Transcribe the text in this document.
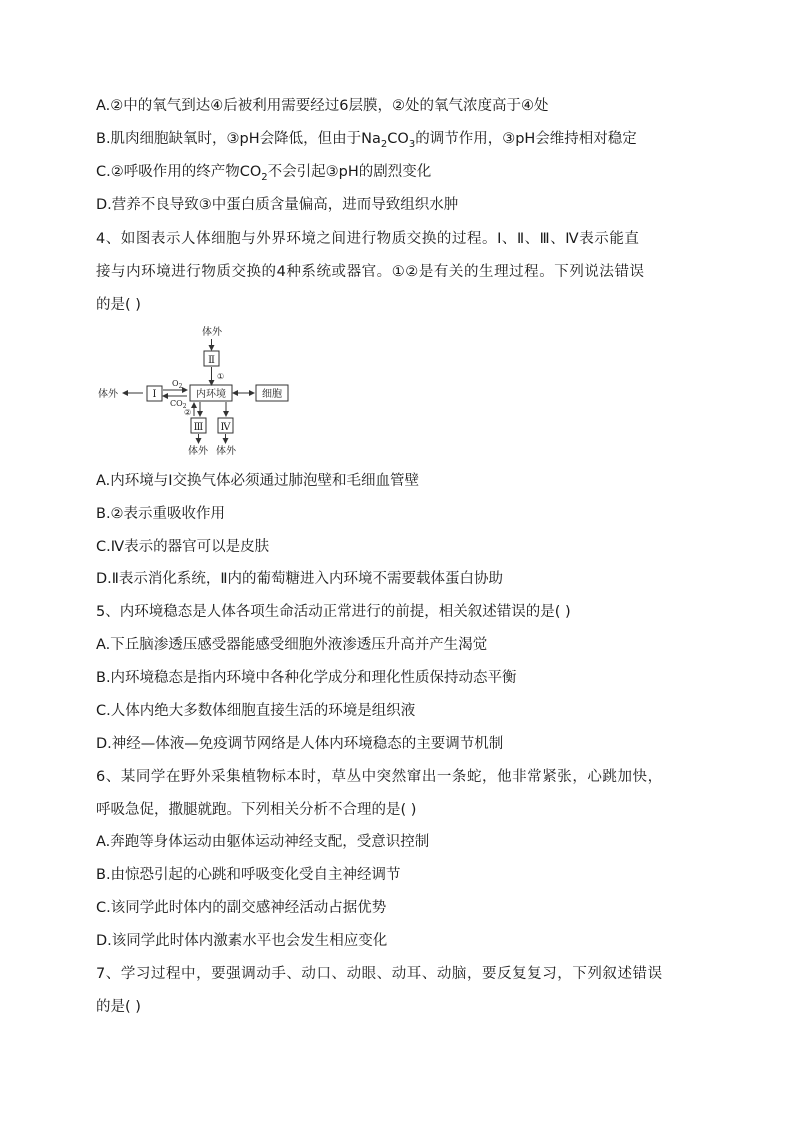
A.②中的氧气到达④后被利用需要经过6层膜，②处的氧气浓度高于④处
B.肌肉细胞缺氧时，③pH会降低，但由于$Na_2CO_3$的调节作用，③pH会维持相对稳定
C.②呼吸作用的终产物$CO_2$不会引起③pH的剧烈变化
D.营养不良导致③中蛋白质含量偏高，进而导致组织水肿
4、如图表示人体细胞与外界环境之间进行物质交换的过程。Ⅰ、Ⅱ、Ⅲ、Ⅳ表示能直
接与内环境进行物质交换的4种系统或器官。①②是有关的生理过程。下列说法错误
的是( )
体外
Ⅱ
①
体外	Ⅰ
$O_2$
$CO_2$
内环境	细胞
②
Ⅲ
体外
Ⅳ
体外
A.内环境与Ⅰ交换气体必须通过肺泡壁和毛细血管壁
B.②表示重吸收作用
C.Ⅳ表示的器官可以是皮肤
D.Ⅱ表示消化系统，Ⅱ内的葡萄糖进入内环境不需要载体蛋白协助
5、内环境稳态是人体各项生命活动正常进行的前提，相关叙述错误的是( )
A.下丘脑渗透压感受器能感受细胞外液渗透压升高并产生渴觉
B.内环境稳态是指内环境中各种化学成分和理化性质保持动态平衡
C.人体内绝大多数体细胞直接生活的环境是组织液
D.神经—体液—免疫调节网络是人体内环境稳态的主要调节机制
6、某同学在野外采集植物标本时，草丛中突然窜出一条蛇，他非常紧张，心跳加快，
呼吸急促，撒腿就跑。下列相关分析不合理的是( )
A.奔跑等身体运动由躯体运动神经支配，受意识控制
B.由惊恐引起的心跳和呼吸变化受自主神经调节
C.该同学此时体内的副交感神经活动占据优势
D.该同学此时体内激素水平也会发生相应变化
7、学习过程中，要强调动手、动口、动眼、动耳、动脑，要反复复习，下列叙述错误
的是( )
